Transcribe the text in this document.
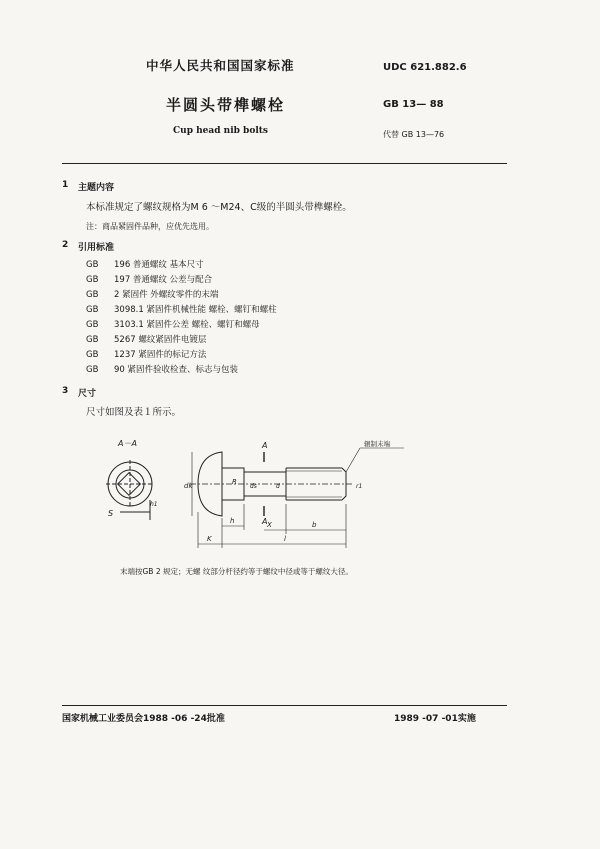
中华人民共和国国家标准	UDC 621.882.6
半圆头带榫螺栓	GB 13— 88
Cup head nib bolts	代替 GB 13—76
1 主题内容
本标准规定了螺纹规格为M 6 ～M24、C级的半圆头带榫螺栓。
注：商品紧固件品种，应优先选用。
2 引用标准
GB 196 普通螺纹 基本尺寸
GB 197 普通螺纹 公差与配合
GB 2 紧固件 外螺纹零件的末端
GB 3098.1 紧固件机械性能 螺栓、螺钉和螺柱
GB 3103.1 紧固件公差 螺栓、螺钉和螺母
GB 5267 螺纹紧固件电镀层
GB 1237 紧固件的标记方法
GB 90 紧固件验收检查、标志与包装
3 尺寸
尺寸如图及表１所示。
A－A	A
A
S
dk
h1
R
h	X	b
K	l
ds	d	r1
辗制末端
末端按GB 2 规定；无螺 纹部分杆径约等于螺纹中径或等于螺纹大径。
国家机械工业委员会1988 -06 -24批准	1989 -07 -01实施
